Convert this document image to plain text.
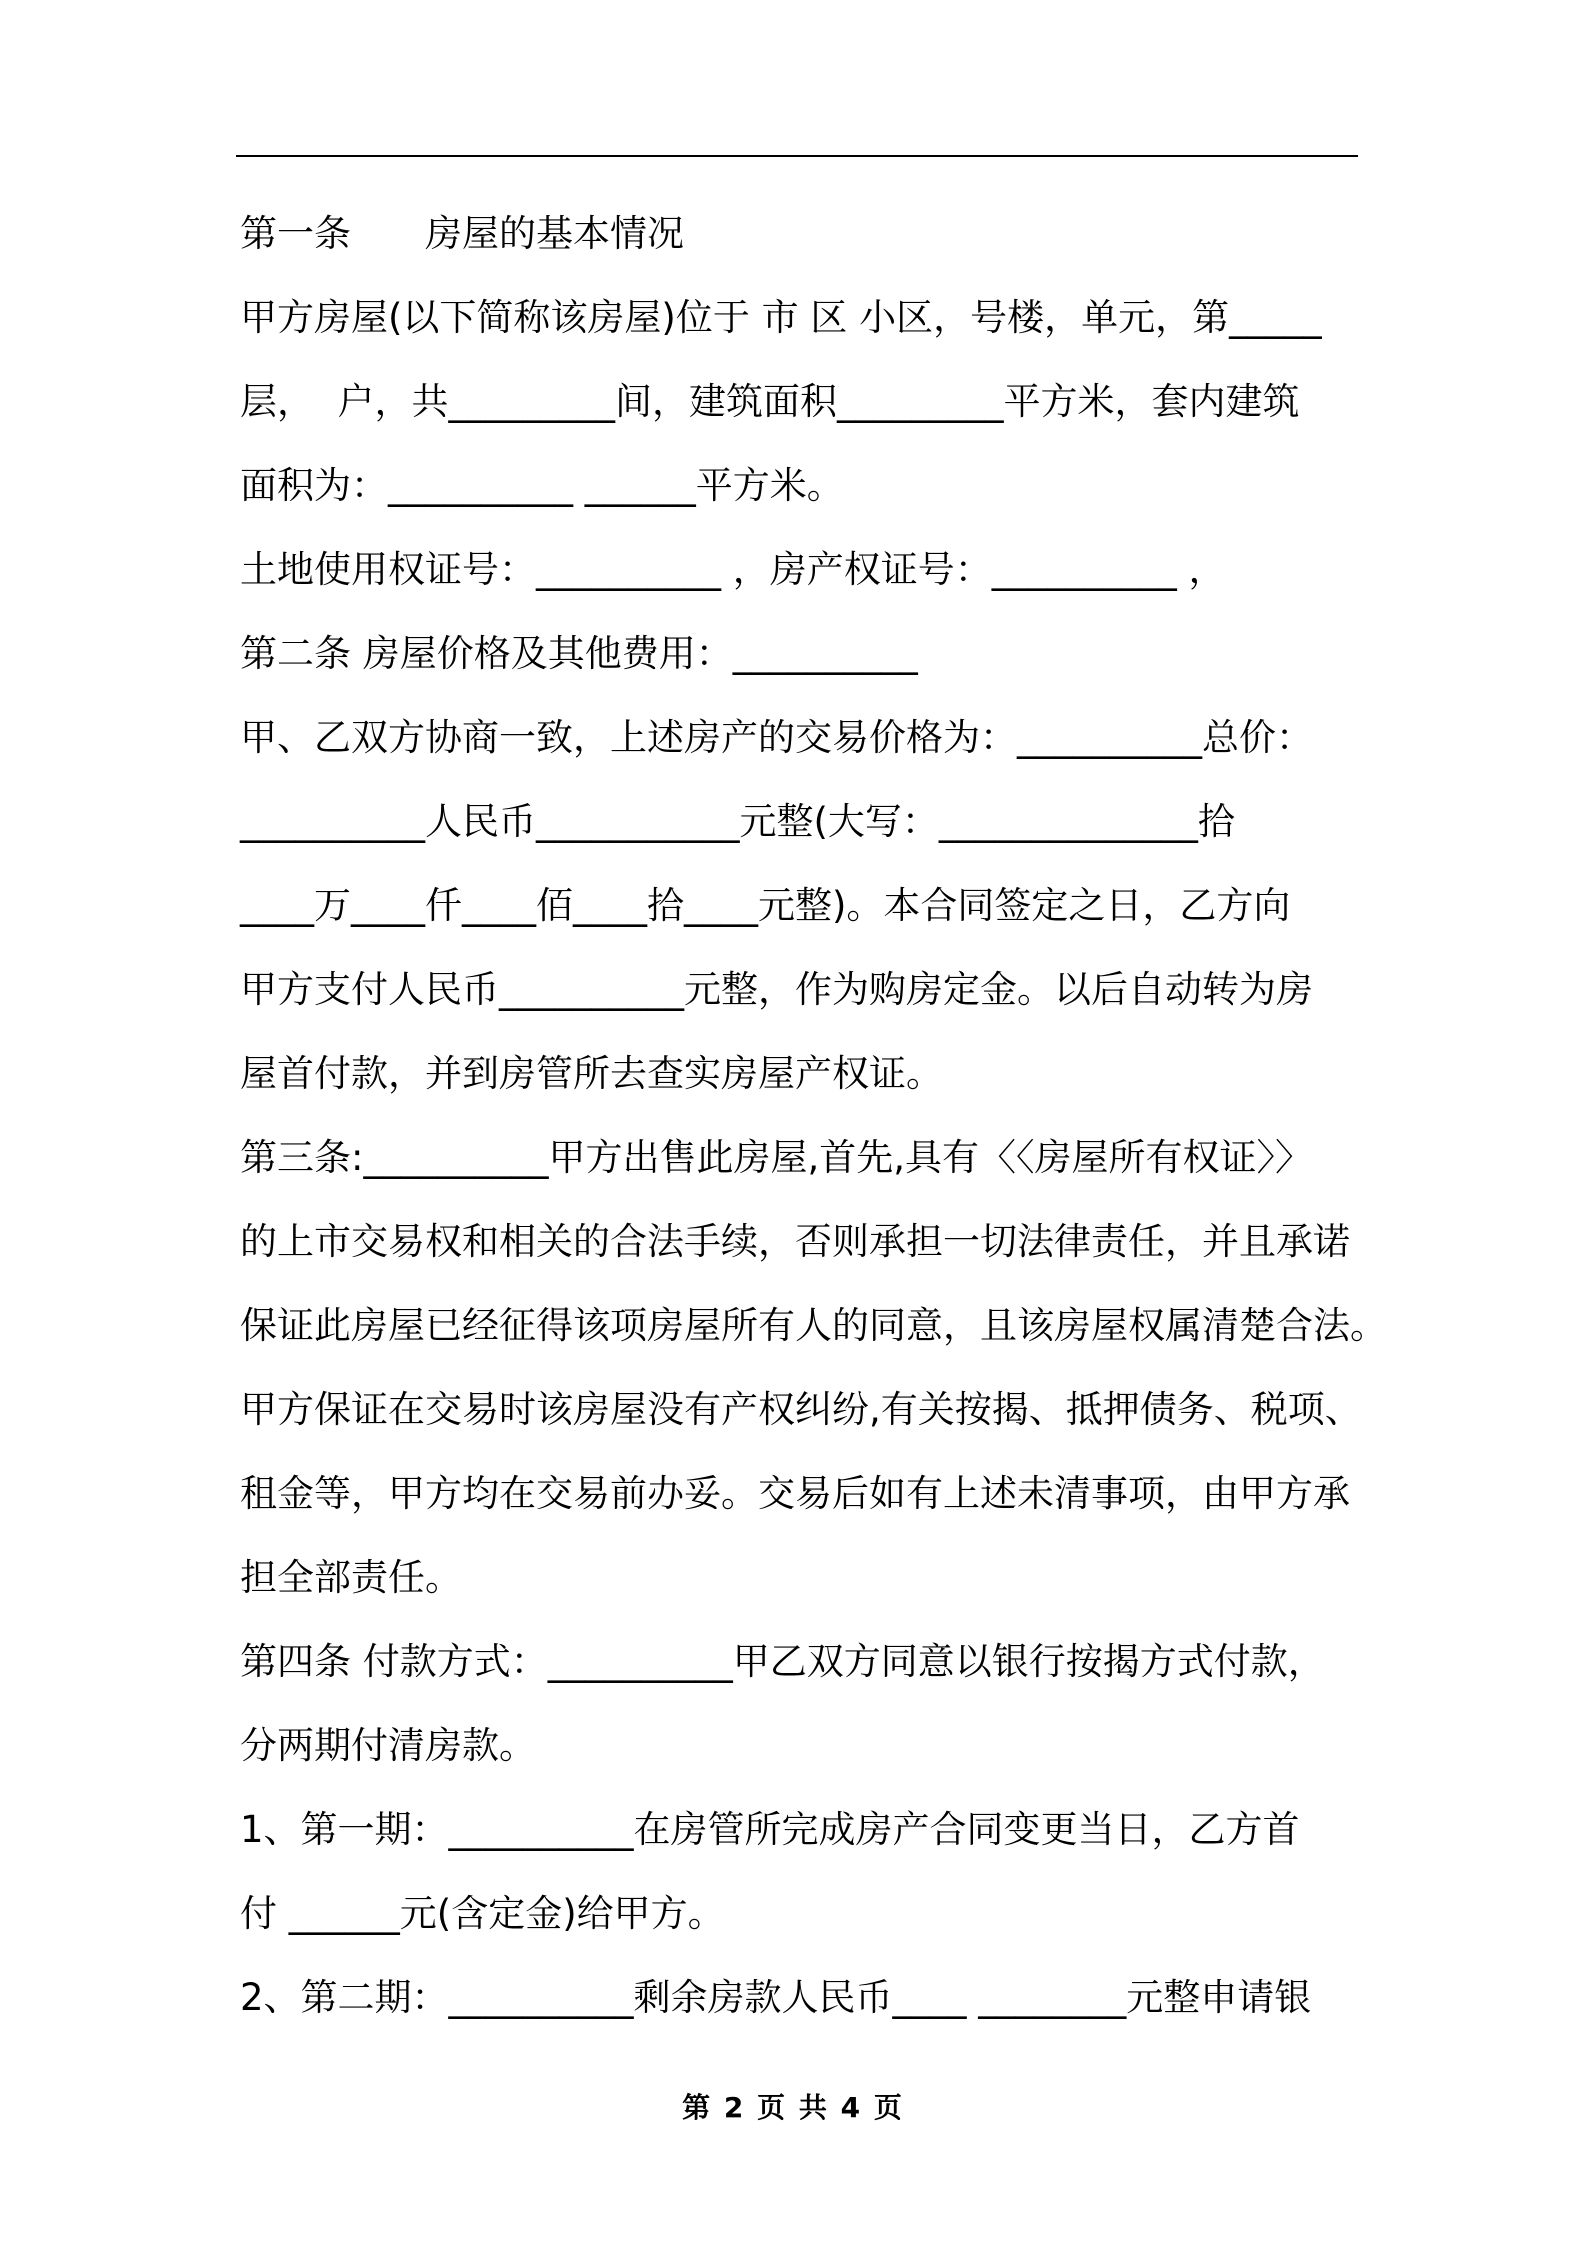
第一条　　房屋的基本情况
甲方房屋(以下简称该房屋)位于 市 区 小区，号楼，单元，第_____
层，  户，共_________间，建筑面积_________平方米，套内建筑
面积为：__________ ______平方米。
土地使用权证号：__________ ，房产权证号：__________ ，
第二条 房屋价格及其他费用：__________
甲、乙双方协商一致，上述房产的交易价格为：__________总价：
__________人民币___________元整(大写：______________拾
____万____仟____佰____拾____元整)。本合同签定之日，乙方向
甲方支付人民币__________元整，作为购房定金。以后自动转为房
屋首付款，并到房管所去查实房屋产权证。
第三条:__________甲方出售此房屋,首先,具有〈〈房屋所有权证〉〉
的上市交易权和相关的合法手续，否则承担一切法律责任，并且承诺
保证此房屋已经征得该项房屋所有人的同意，且该房屋权属清楚合法。
甲方保证在交易时该房屋没有产权纠纷,有关按揭、抵押债务、税项、
租金等，甲方均在交易前办妥。交易后如有上述未清事项，由甲方承
担全部责任。
第四条 付款方式：__________甲乙双方同意以银行按揭方式付款，
分两期付清房款。
1、第一期：__________在房管所完成房产合同变更当日，乙方首
付 ______元(含定金)给甲方。
2、第二期：__________剩余房款人民币____ ________元整申请银
第 2 页 共 4 页
